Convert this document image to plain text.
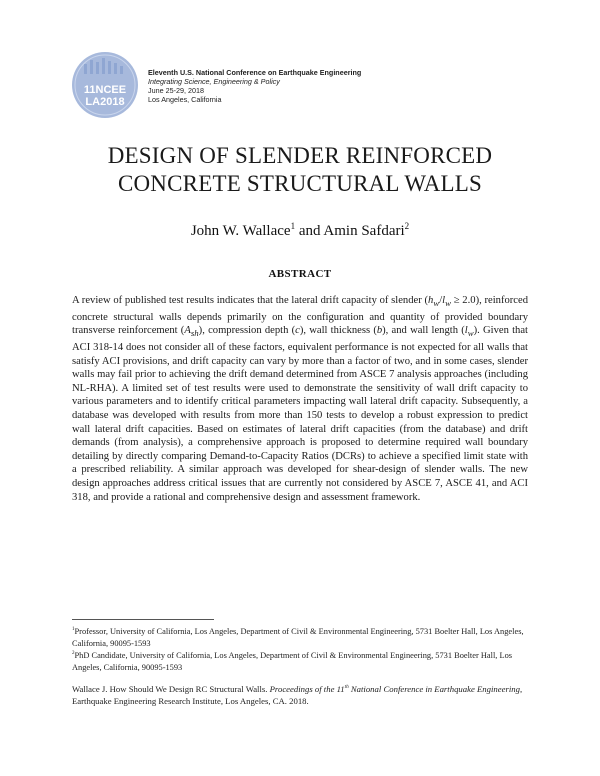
11NCEE
LA2018
Eleventh U.S. National Conference on Earthquake Engineering
Integrating Science, Engineering & Policy
June 25-29, 2018
Los Angeles, California
DESIGN OF SLENDER REINFORCED
CONCRETE STRUCTURAL WALLS
John W. Wallace$^1$ and Amin Safdari$^2$
ABSTRACT
A review of published test results indicates that the lateral drift capacity of slender $(h_w/l_w \ge 2.0)$, reinforced concrete structural walls depends primarily on the configuration and quantity of provided boundary transverse reinforcement $(A_{sh})$, compression depth (c), wall thickness (b), and wall length $(l_w)$. Given that ACI 318-14 does not consider all of these factors, equivalent performance is not expected for all walls that satisfy ACI provisions, and drift capacity can vary by more than a factor of two, and in some cases, slender walls may fail prior to achieving the drift demand determined from ASCE 7 analysis approaches (including NL-RHA). A limited set of test results were used to demonstrate the sensitivity of wall drift capacity to various parameters and to identify critical parameters impacting wall lateral drift capacity. Subsequently, a database was developed with results from more than 150 tests to develop a robust expression to predict wall lateral drift capacities. Based on estimates of lateral drift capacities (from the database) and drift demands (from analysis), a comprehensive approach is proposed to determine required wall boundary detailing by directly comparing Demand-to-Capacity Ratios (DCRs) to achieve a specified limit state with a prescribed reliability. A similar approach was developed for shear-design of slender walls. The new design approaches address critical issues that are currently not considered by ASCE 7, ASCE 41, and ACI 318, and provide a rational and comprehensive design and assessment framework.
$^1$Professor, University of California, Los Angeles, Department of Civil & Environmental Engineering, 5731 Boelter Hall, Los Angeles, California, 90095-1593
$^2$PhD Candidate, University of California, Los Angeles, Department of Civil & Environmental Engineering, 5731 Boelter Hall, Los Angeles, California, 90095-1593
Wallace J. How Should We Design RC Structural Walls. Proceedings of the 11th National Conference in Earthquake Engineering, Earthquake Engineering Research Institute, Los Angeles, CA. 2018.
